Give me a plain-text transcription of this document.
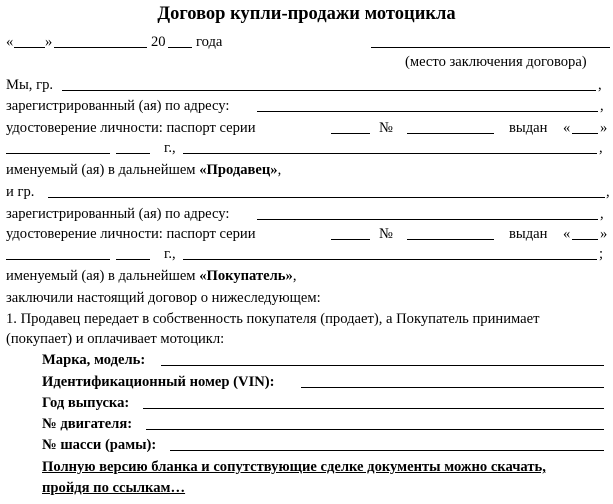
Договор купли-продажи мотоцикла
« »	20 года
(место заключения договора)
Мы, гр.	,
зарегистрированный (ая) по адресу:	,
удостоверение личности: паспорт серии	№	выдан « »
г.,	,
именуемый (ая) в дальнейшем «Продавец»,
и гр.	,
зарегистрированный (ая) по адресу:	,
удостоверение личности: паспорт серии	№	выдан « »
г.,	;
именуемый (ая) в дальнейшем «Покупатель»,
заключили настоящий договор о нижеследующем:
1. Продавец передает в собственность покупателя (продает), а Покупатель принимает
(покупает) и оплачивает мотоцикл:
Марка, модель:
Идентификационный номер (VIN):
Год выпуска:
№ двигателя:
№ шасси (рамы):
Полную версию бланка и сопутствующие сделке документы можно скачать,
пройдя по ссылкам…
